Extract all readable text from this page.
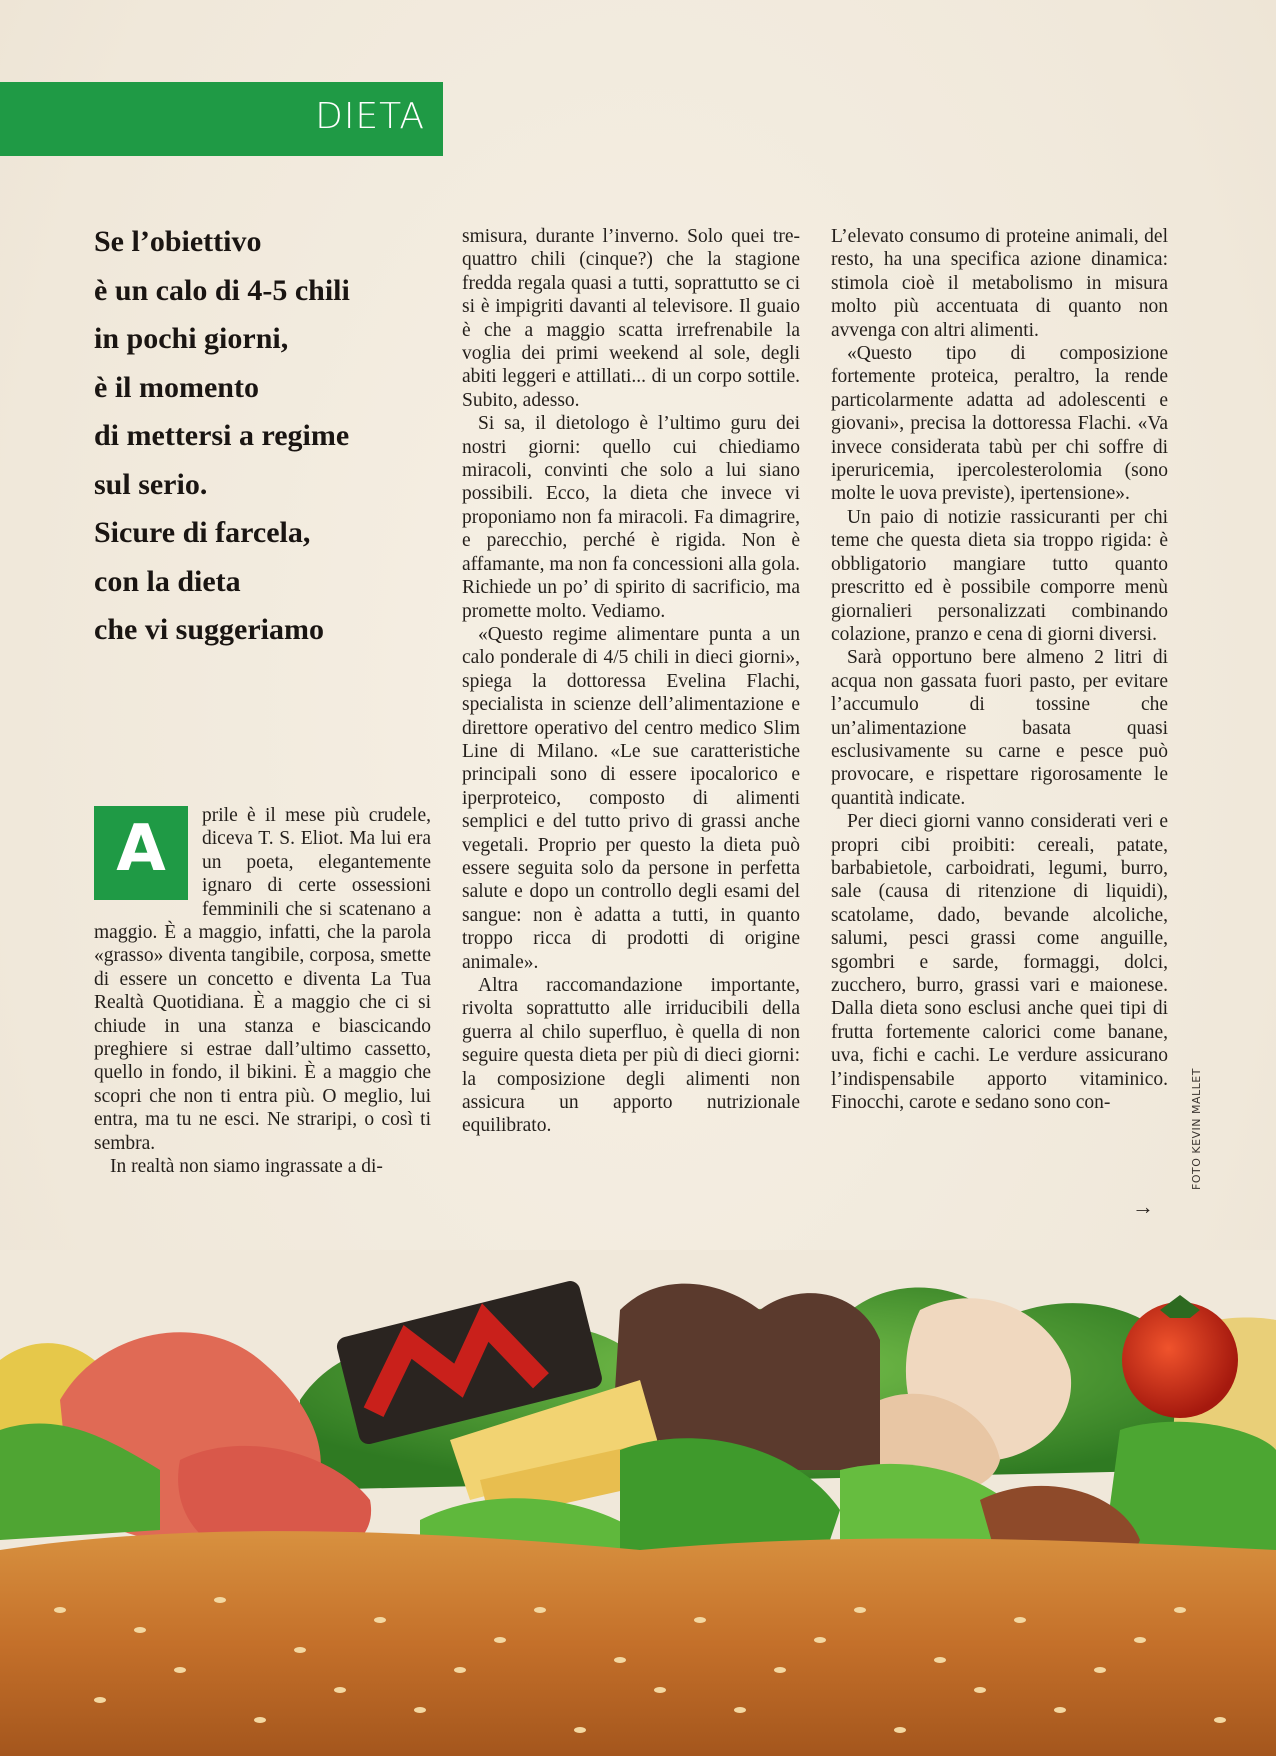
DIETA
Se l’obiettivo
è un calo di 4-5 chili
in pochi giorni,
è il momento
di mettersi a regime
sul serio.
Sicure di farcela,
con la dieta
che vi suggeriamo
A	prile è il mese più crudele, diceva T. S. Eliot. Ma lui era un poeta, elegantemente ignaro di certe ossessioni femminili che si scatenano a maggio. È a maggio, infatti, che la parola «grasso» diventa tangibile, corposa, smette di essere un concetto e diventa La Tua Realtà Quotidiana. È a maggio che ci si chiude in una stanza e biascicando preghiere si estrae dall’ultimo cassetto, quello in fondo, il bikini. È a maggio che scopri che non ti entra più. O meglio, lui entra, ma tu ne esci. Ne straripi, o così ti sembra.

In realtà non siamo ingrassate a di-

smisura, durante l’inverno. Solo quei tre-quattro chili (cinque?) che la stagione fredda regala quasi a tutti, soprattutto se ci si è impigriti davanti al televisore. Il guaio è che a maggio scatta irrefrenabile la voglia dei primi weekend al sole, degli abiti leggeri e attillati... di un corpo sottile. Subito, adesso.

Si sa, il dietologo è l’ultimo guru dei nostri giorni: quello cui chiediamo miracoli, convinti che solo a lui siano possibili. Ecco, la dieta che invece vi proponiamo non fa miracoli. Fa dimagrire, e parecchio, perché è rigida. Non è affamante, ma non fa concessioni alla gola. Richiede un po’ di spirito di sacrificio, ma promette molto. Vediamo.

«Questo regime alimentare punta a un calo ponderale di 4/5 chili in dieci giorni», spiega la dottoressa Evelina Flachi, specialista in scienze dell’alimentazione e direttore operativo del centro medico Slim Line di Milano. «Le sue caratteristiche principali sono di essere ipocalorico e iperproteico, composto di alimenti semplici e del tutto privo di grassi anche vegetali. Proprio per questo la dieta può essere seguita solo da persone in perfetta salute e dopo un controllo degli esami del sangue: non è adatta a tutti, in quanto troppo ricca di prodotti di origine animale».

Altra raccomandazione importante, rivolta soprattutto alle irriducibili della guerra al chilo superfluo, è quella di non seguire questa dieta per più di dieci giorni: la composizione degli alimenti non assicura un apporto nutrizionale equilibrato.

L’elevato consumo di proteine animali, del resto, ha una specifica azione dinamica: stimola cioè il metabolismo in misura molto più accentuata di quanto non avvenga con altri alimenti.

«Questo tipo di composizione fortemente proteica, peraltro, la rende particolarmente adatta ad adolescenti e giovani», precisa la dottoressa Flachi. «Va invece considerata tabù per chi soffre di iperuricemia, ipercolesterolomia (sono molte le uova previste), ipertensione».

Un paio di notizie rassicuranti per chi teme che questa dieta sia troppo rigida: è obbligatorio mangiare tutto quanto prescritto ed è possibile comporre menù giornalieri personalizzati combinando colazione, pranzo e cena di giorni diversi.

Sarà opportuno bere almeno 2 litri di acqua non gassata fuori pasto, per evitare l’accumulo di tossine che un’alimentazione basata quasi esclusivamente su carne e pesce può provocare, e rispettare rigorosamente le quantità indicate.

Per dieci giorni vanno considerati veri e propri cibi proibiti: cereali, patate, barbabietole, carboidrati, legumi, burro, sale (causa di ritenzione di liquidi), scatolame, dado, bevande alcoliche, salumi, pesci grassi come anguille, sgombri e sarde, formaggi, dolci, zucchero, burro, grassi vari e maionese. Dalla dieta sono esclusi anche quei tipi di frutta fortemente calorici come banane, uva, fichi e cachi. Le verdure assicurano l’indispensabile apporto vitaminico. Finocchi, carote e sedano sono con-

→
FOTO KEVIN MALLET
